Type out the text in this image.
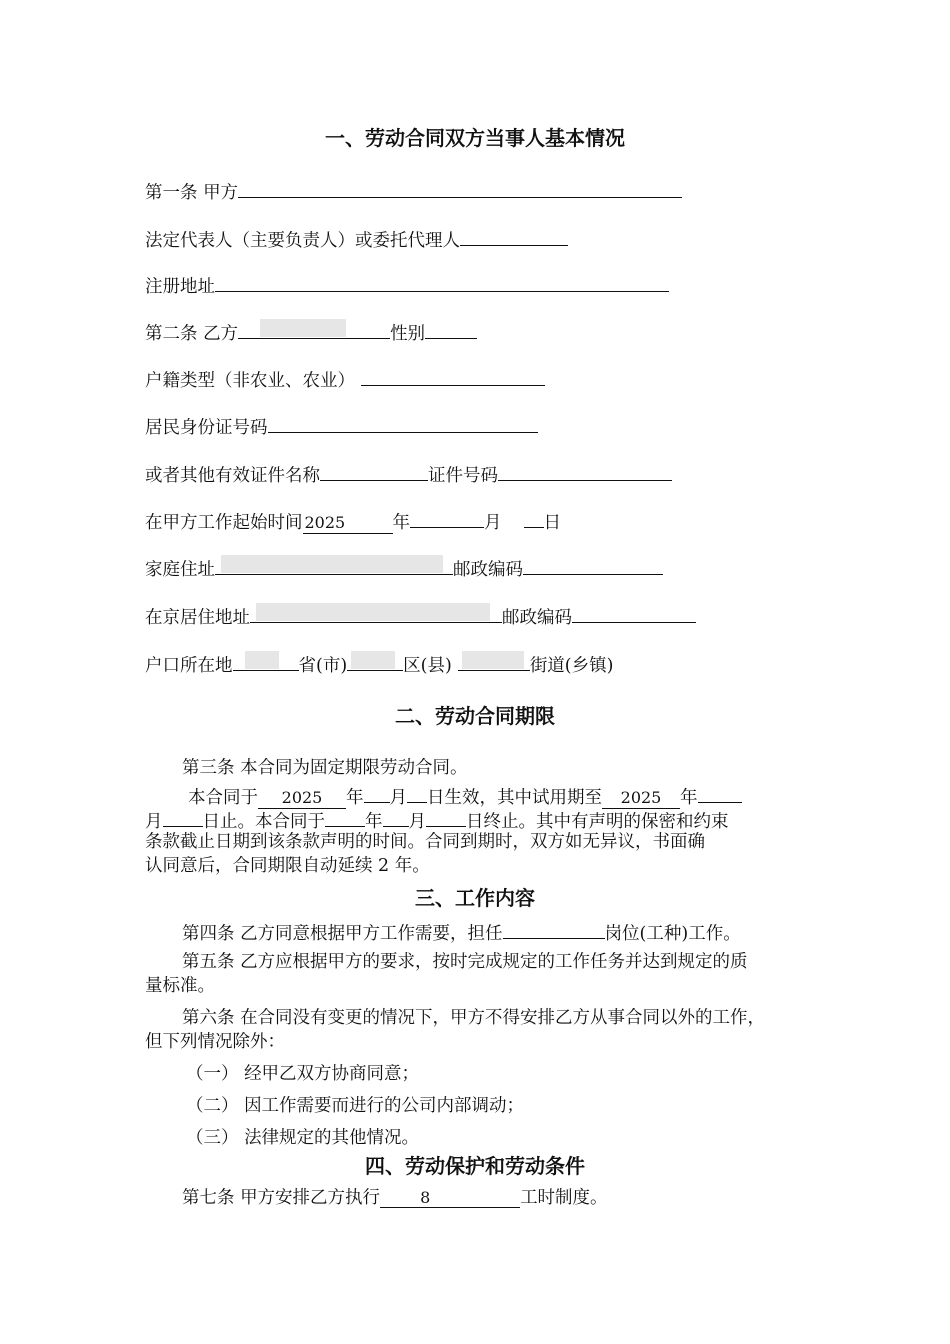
一、劳动合同双方当事人基本情况
第一条 甲方
法定代表人（主要负责人）或委托代理人
注册地址
第二条 乙方	性别
户籍类型（非农业、农业）
居民身份证号码
或者其他有效证件名称	证件号码
在甲方工作起始时间 2025	年	月 日
家庭住址	邮政编码
在京居住地址	邮政编码
户口所在地	省(市)	区(县)	街道(乡镇)
二、劳动合同期限
第三条 本合同为固定期限劳动合同。
本合同于 2025 年 月 日生效，其中试用期至 2025 年
月 日止。本合同于 年 月 日终止。其中有声明的保密和约束
条款截止日期到该条款声明的时间。合同到期时，双方如无异议，书面确
认同意后，合同期限自动延续 2 年。
三、工作内容
第四条 乙方同意根据甲方工作需要，担任	岗位(工种)工作。
第五条 乙方应根据甲方的要求，按时完成规定的工作任务并达到规定的质
量标准。
第六条 在合同没有变更的情况下，甲方不得安排乙方从事合同以外的工作，
但下列情况除外：
（一） 经甲乙双方协商同意；
（二） 因工作需要而进行的公司内部调动；
（三） 法律规定的其他情况。
四、劳动保护和劳动条件
第七条 甲方安排乙方执行	8	工时制度。
